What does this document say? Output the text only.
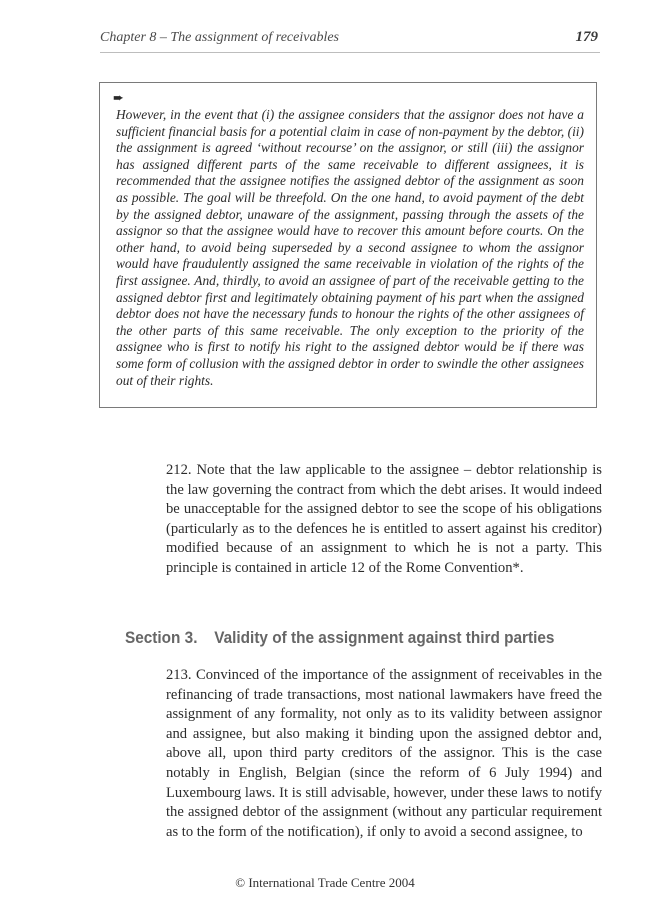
Chapter 8 – The assignment of receivables	179
➨

However, in the event that (i) the assignee considers that the assignor does not have a sufficient financial basis for a potential claim in case of non-payment by the debtor, (ii) the assignment is agreed ‘without recourse’ on the assignor, or still (iii) the assignor has assigned different parts of the same receivable to different assignees, it is recommended that the assignee notifies the assigned debtor of the assignment as soon as possible. The goal will be threefold. On the one hand, to avoid payment of the debt by the assigned debtor, unaware of the assignment, passing through the assets of the assignor so that the assignee would have to recover this amount before courts. On the other hand, to avoid being superseded by a second assignee to whom the assignor would have fraudulently assigned the same receivable in violation of the rights of the first assignee. And, thirdly, to avoid an assignee of part of the receivable getting to the assigned debtor first and legitimately obtaining payment of his part when the assigned debtor does not have the necessary funds to honour the rights of the other assignees of the other parts of this same receivable. The only exception to the priority of the assignee who is first to notify his right to the assigned debtor would be if there was some form of collusion with the assigned debtor in order to swindle the other assignees out of their rights.

212. Note that the law applicable to the assignee – debtor relationship is the law governing the contract from which the debt arises. It would indeed be unacceptable for the assigned debtor to see the scope of his obligations (particularly as to the defences he is entitled to assert against his creditor) modified because of an assignment to which he is not a party. This principle is contained in article 12 of the Rome Convention*.

Section 3. Validity of the assignment against third parties

213. Convinced of the importance of the assignment of receivables in the refinancing of trade transactions, most national lawmakers have freed the assignment of any formality, not only as to its validity between assignor and assignee, but also making it binding upon the assigned debtor and, above all, upon third party creditors of the assignor. This is the case notably in English, Belgian (since the reform of 6 July 1994) and Luxembourg laws. It is still advisable, however, under these laws to notify the assigned debtor of the assignment (without any particular requirement as to the form of the notification), if only to avoid a second assignee, to

© International Trade Centre 2004
